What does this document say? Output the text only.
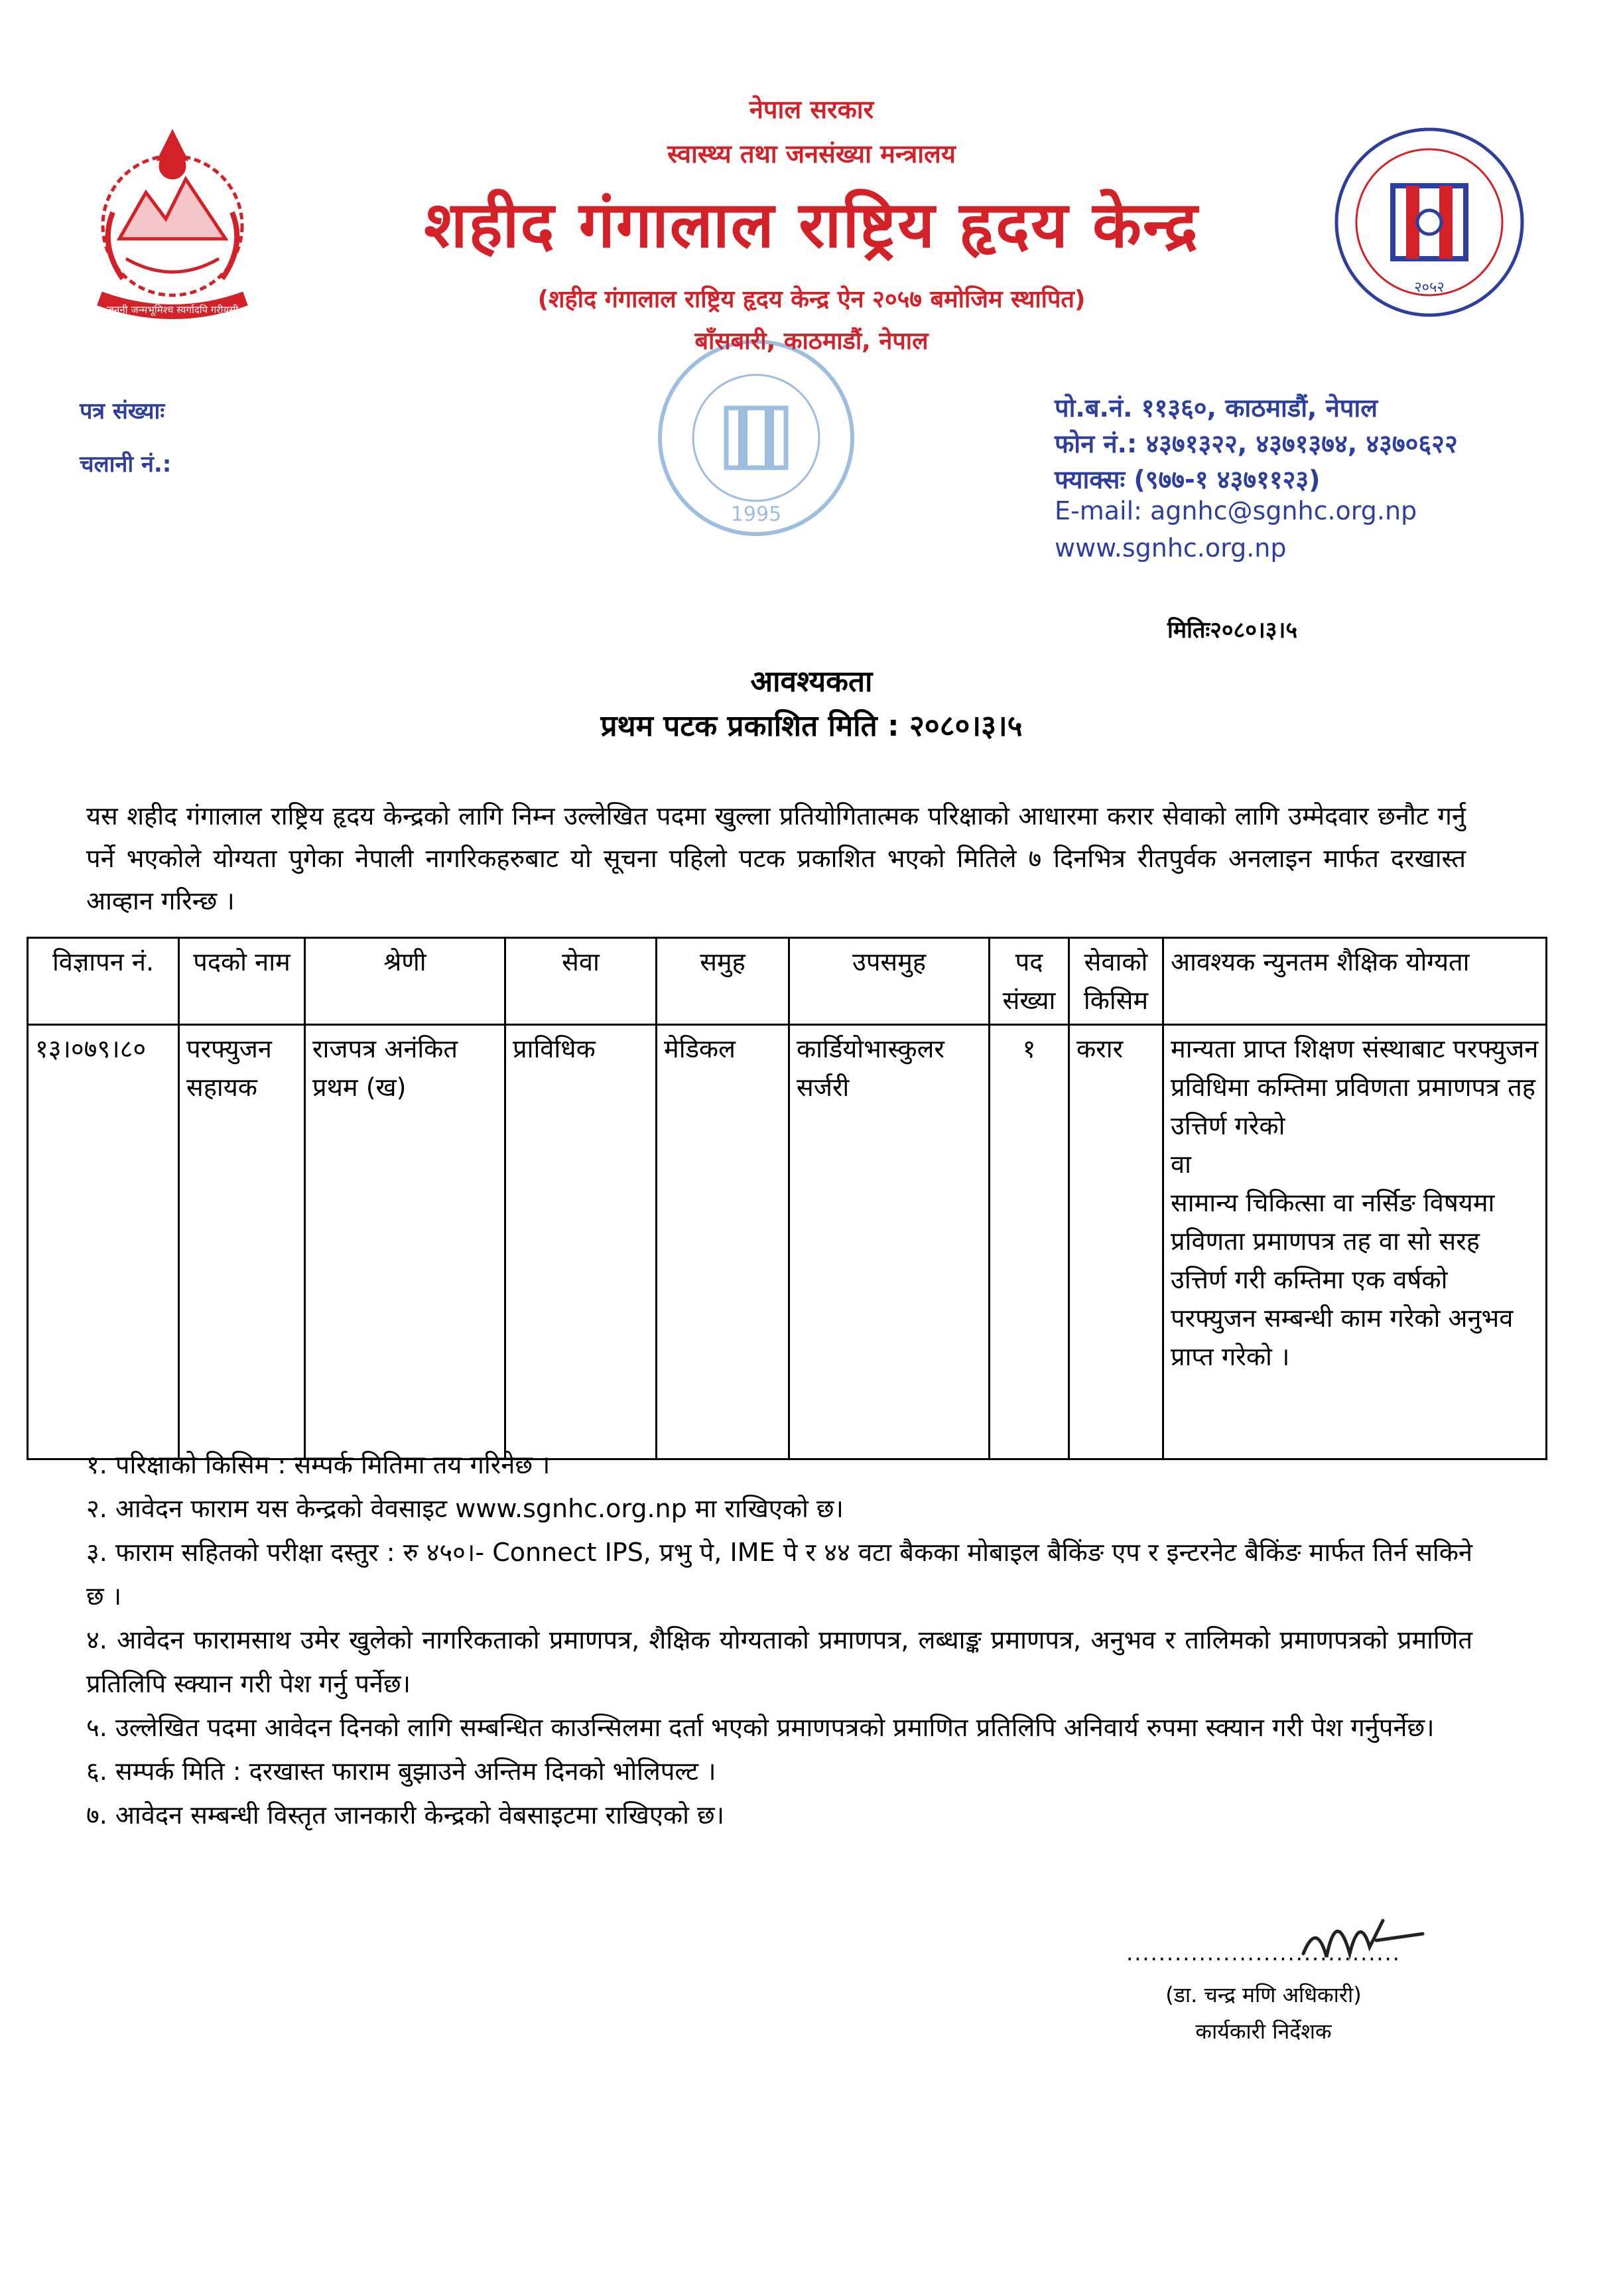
जननी जन्मभूमिश्च स्वर्गादपि गरीयसी
२०५२
1995
नेपाल सरकार
स्वास्थ्य तथा जनसंख्या मन्त्रालय
शहीद गंगालाल राष्ट्रिय हृदय केन्द्र
(शहीद गंगालाल राष्ट्रिय हृदय केन्द्र ऐन २०५७ बमोजिम स्थापित)
बाँसबारी, काठमाडौं, नेपाल
पत्र संख्याः
चलानी नं.:
पो.ब.नं. ११३६०, काठमाडौं, नेपाल
फोन नं.: ४३७१३२२, ४३७१३७४, ४३७०६२२
फ्याक्सः (९७७-१ ४३७११२३)
E-mail: agnhc@sgnhc.org.np
www.sgnhc.org.np
मितिः२०८०।३।५
आवश्यकता
प्रथम पटक प्रकाशित मिति : २०८०।३।५
यस शहीद गंगालाल राष्ट्रिय हृदय केन्द्रको लागि निम्न उल्लेखित पदमा खुल्ला प्रतियोगितात्मक परिक्षाको आधारमा करार सेवाको लागि उम्मेदवार छनौट गर्नु पर्ने भएकोले योग्यता पुगेका नेपाली नागरिकहरुबाट यो सूचना पहिलो पटक प्रकाशित भएको मितिले ७ दिनभित्र रीतपुर्वक अनलाइन मार्फत दरखास्त आव्हान गरिन्छ ।
विज्ञापन नं.	पदको नाम	श्रेणी	सेवा	समुह	उपसमुह	पद संख्या	सेवाको किसिम	आवश्यक न्युनतम शैक्षिक योग्यता
१३।०७९।८०	परफ्युजन सहायक	राजपत्र अनंकित प्रथम (ख)	प्राविधिक	मेडिकल	कार्डियोभास्कुलर सर्जरी	१	करार	मान्यता प्राप्त शिक्षण संस्थाबाट परफ्युजन प्रविधिमा कम्तिमा प्रविणता प्रमाणपत्र तह उत्तिर्ण गरेको
वा
सामान्य चिकित्सा वा नर्सिङ विषयमा प्रविणता प्रमाणपत्र तह वा सो सरह उत्तिर्ण गरी कम्तिमा एक वर्षको परफ्युजन सम्बन्धी काम गरेको अनुभव प्राप्त गरेको ।

१. परिक्षाको किसिम : सम्पर्क मितिमा तय गरिनेछ ।

२. आवेदन फाराम यस केन्द्रको वेवसाइट www.sgnhc.org.np मा राखिएको छ।

३. फाराम सहितको परीक्षा दस्तुर : रु ४५०।- Connect IPS, प्रभु पे, IME पे र ४४ वटा बैकका मोबाइल बैकिंङ एप र इन्टरनेट बैकिंङ मार्फत तिर्न सकिने छ ।

४. आवेदन फारामसाथ उमेर खुलेको नागरिकताको प्रमाणपत्र, शैक्षिक योग्यताको प्रमाणपत्र, लब्धाङ्क प्रमाणपत्र, अनुभव र तालिमको प्रमाणपत्रको प्रमाणित प्रतिलिपि स्क्यान गरी पेश गर्नु पर्नेछ।

५. उल्लेखित पदमा आवेदन दिनको लागि सम्बन्धित काउन्सिलमा दर्ता भएको प्रमाणपत्रको प्रमाणित प्रतिलिपि अनिवार्य रुपमा स्क्यान गरी पेश गर्नुपर्नेछ।

६. सम्पर्क मिति : दरखास्त फाराम बुझाउने अन्तिम दिनको भोलिपल्ट ।

७. आवेदन सम्बन्धी विस्तृत जानकारी केन्द्रको वेबसाइटमा राखिएको छ।

..................................
(डा. चन्द्र मणि अधिकारी)
कार्यकारी निर्देशक
